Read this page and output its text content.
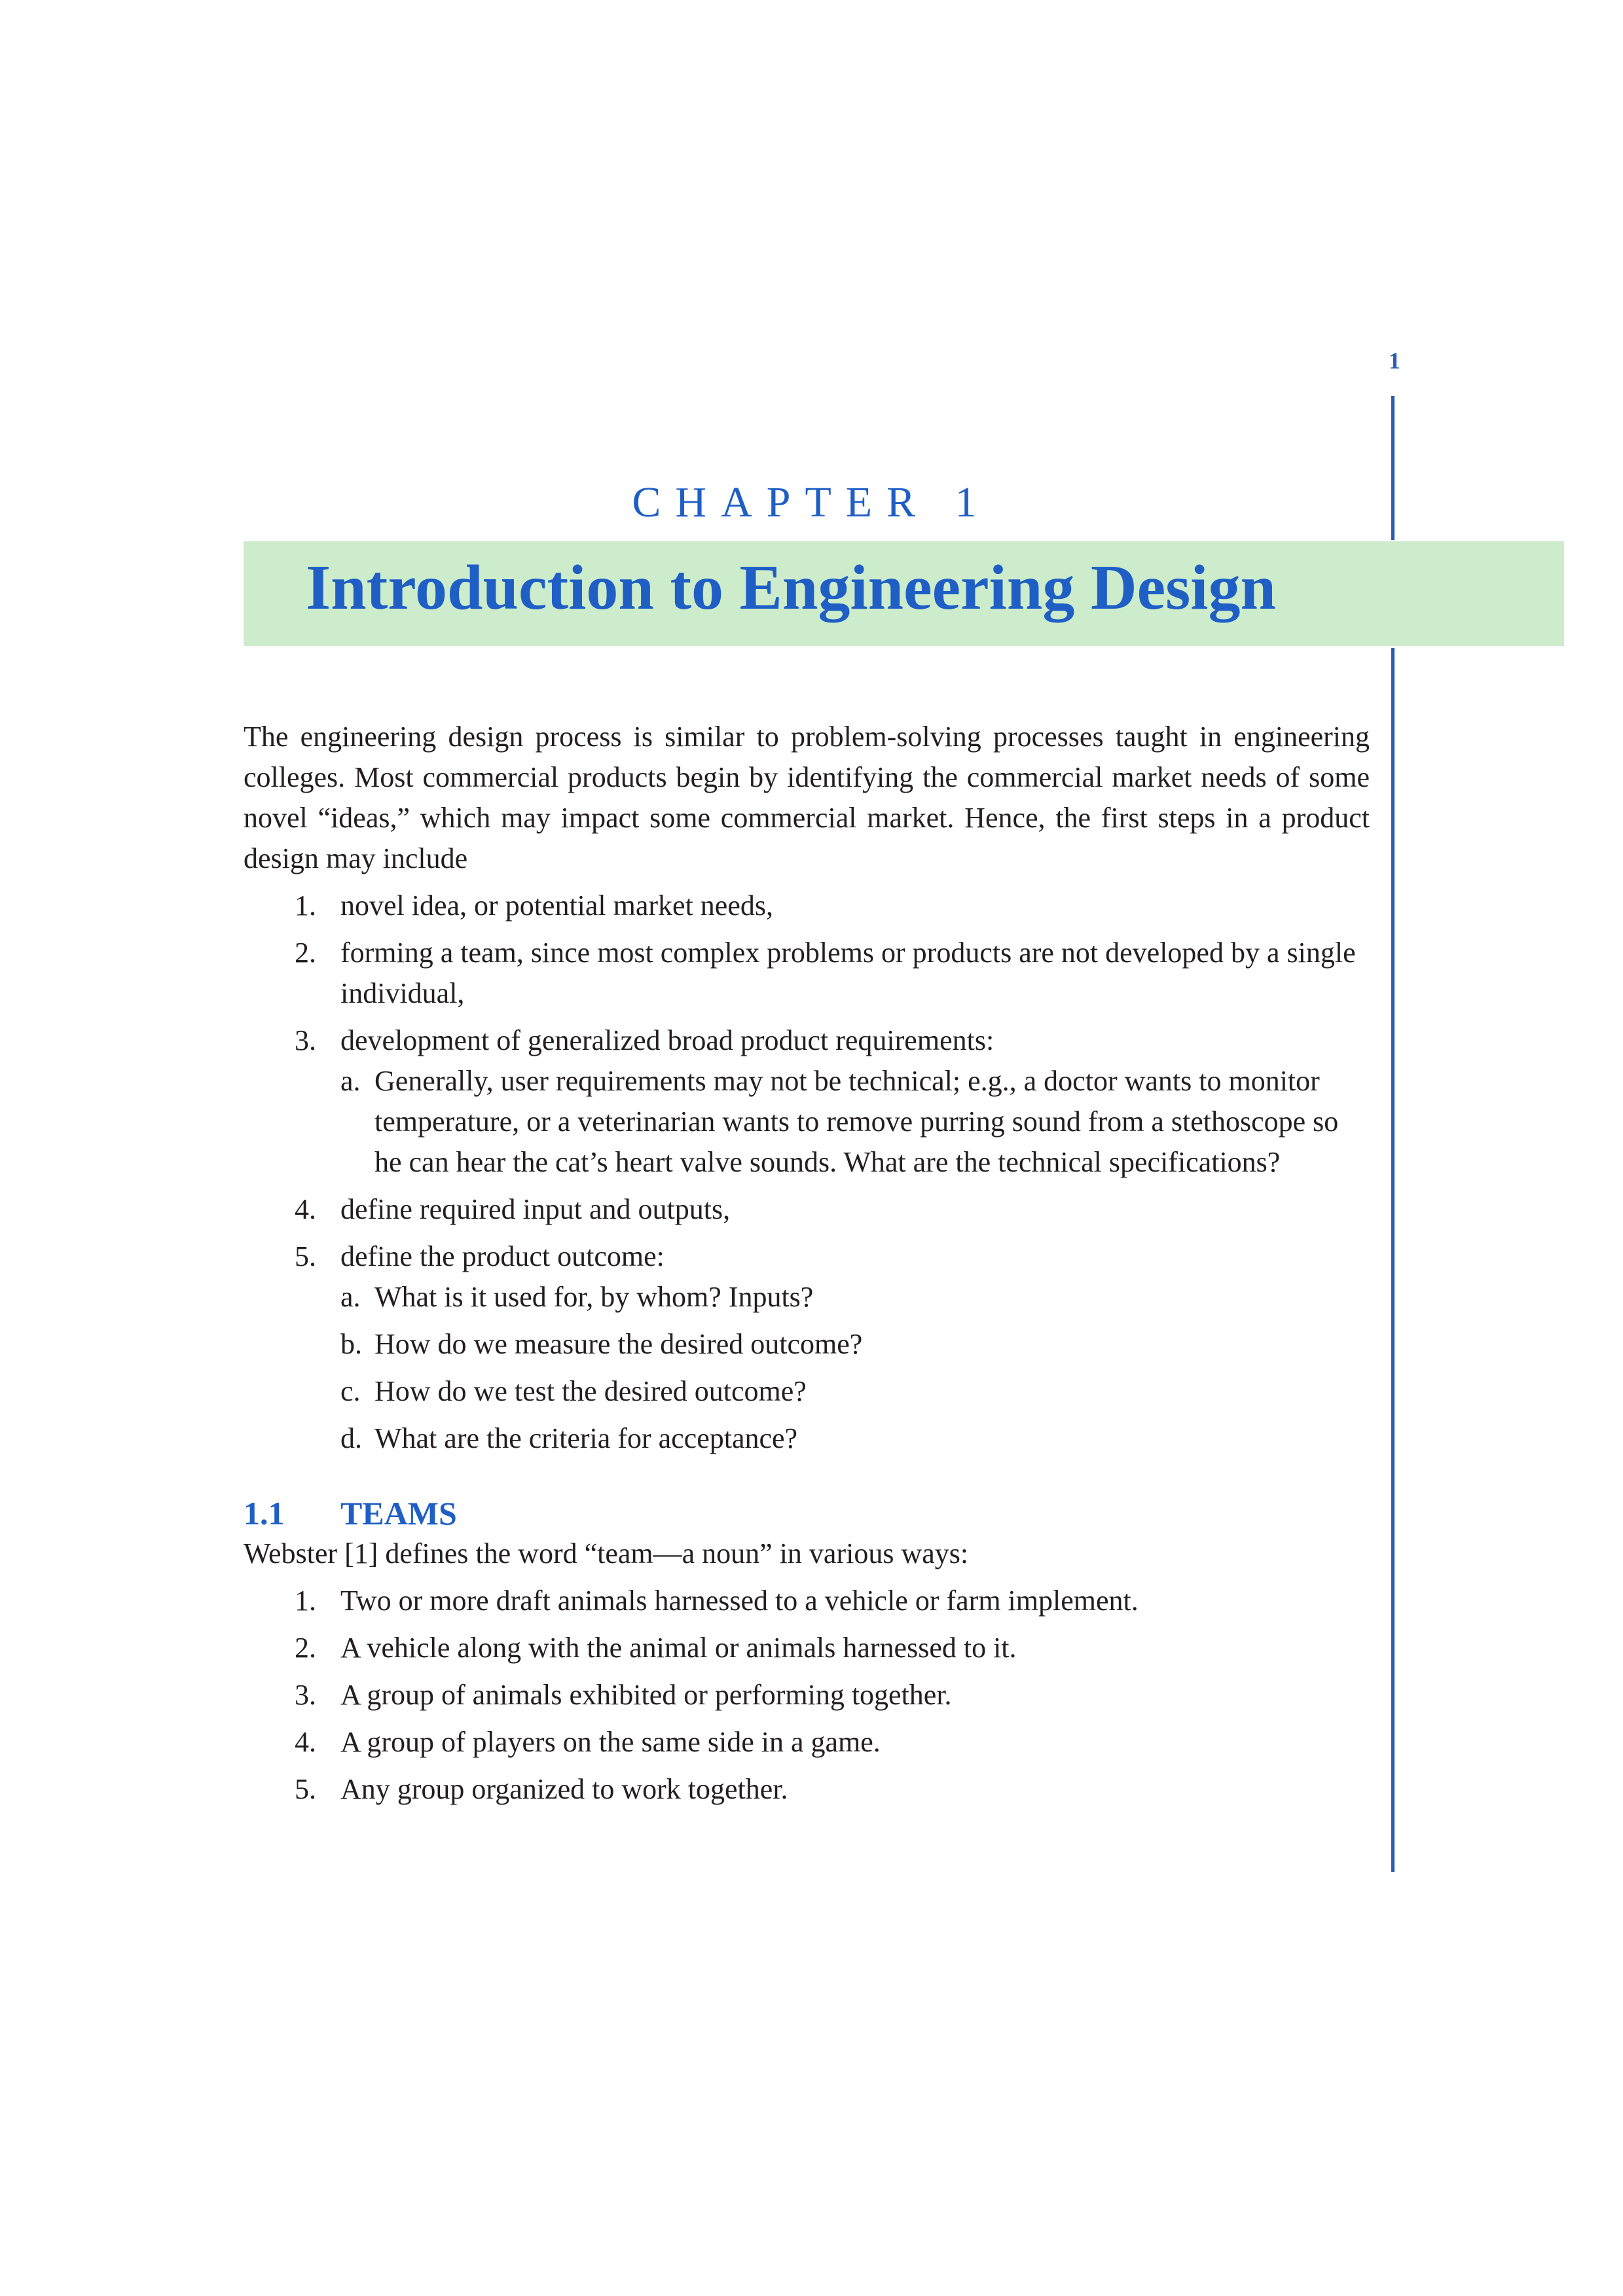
1
CHAPTER 1
Introduction to Engineering Design

The engineering design process is similar to problem-solving processes taught in engineering colleges. Most commercial products begin by identifying the commercial market needs of some novel “ideas,” which may impact some commercial market. Hence, the first steps in a product design may include

1. novel idea, or potential market needs,
2. forming a team, since most complex problems or products are not developed by a single individual,
3. development of generalized broad product requirements:
a. Generally, user requirements may not be technical; e.g., a doctor wants to monitor temperature, or a veterinarian wants to remove purring sound from a stethoscope so he can hear the cat’s heart valve sounds. What are the technical specifications?
4. define required input and outputs,
5. define the product outcome:
a. What is it used for, by whom? Inputs?
b. How do we measure the desired outcome?
c. How do we test the desired outcome?
d. What are the criteria for acceptance?
1.1 TEAMS

Webster [1] defines the word “team—a noun” in various ways:

1. Two or more draft animals harnessed to a vehicle or farm implement.
2. A vehicle along with the animal or animals harnessed to it.
3. A group of animals exhibited or performing together.
4. A group of players on the same side in a game.
5. Any group organized to work together.
